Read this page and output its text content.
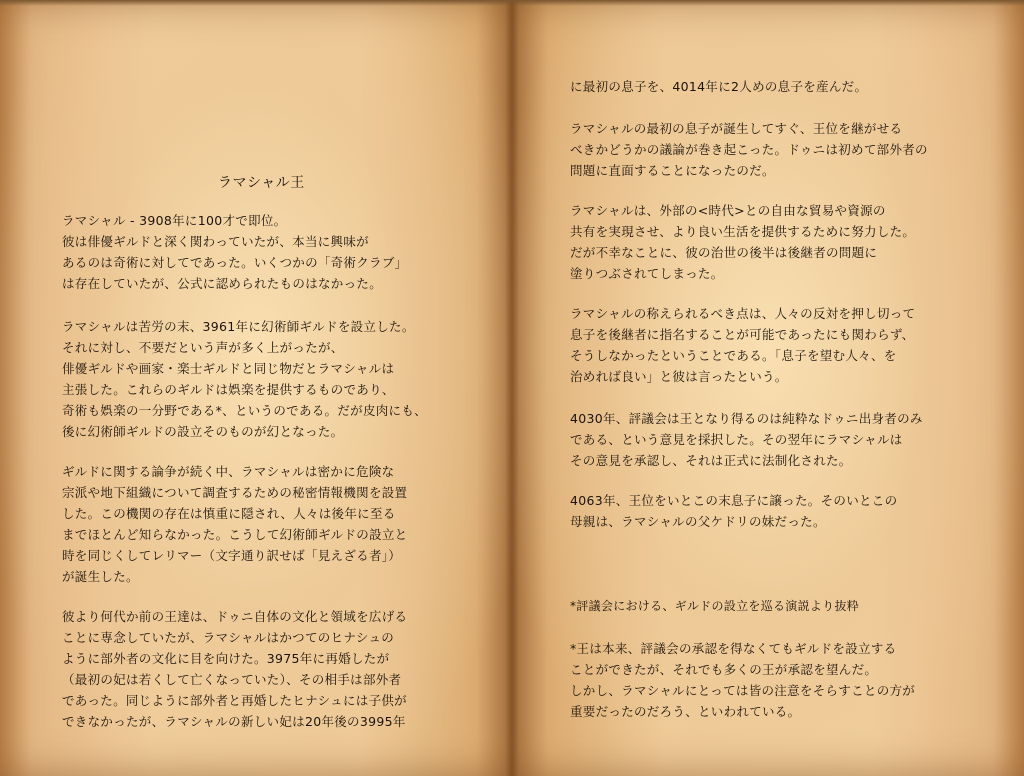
ラマシャル王
ラマシャル - 3908年に100才で即位。
彼は俳優ギルドと深く関わっていたが、本当に興味が
あるのは奇術に対してであった。いくつかの「奇術クラブ」
は存在していたが、公式に認められたものはなかった。
ラマシャルは苦労の末、3961年に幻術師ギルドを設立した。
それに対し、不要だという声が多く上がったが、
俳優ギルドや画家・楽士ギルドと同じ物だとラマシャルは
主張した。これらのギルドは娯楽を提供するものであり、
奇術も娯楽の一分野である*、というのである。だが皮肉にも、
後に幻術師ギルドの設立そのものが幻となった。
ギルドに関する論争が続く中、ラマシャルは密かに危険な
宗派や地下組織について調査するための秘密情報機関を設置
した。この機関の存在は慎重に隠され、人々は後年に至る
までほとんど知らなかった。こうして幻術師ギルドの設立と
時を同じくしてレリマー（文字通り訳せば「見えざる者」）
が誕生した。
彼より何代か前の王達は、ドゥニ自体の文化と領域を広げる
ことに専念していたが、ラマシャルはかつてのヒナシュの
ように部外者の文化に目を向けた。3975年に再婚したが
（最初の妃は若くして亡くなっていた）、その相手は部外者
であった。同じように部外者と再婚したヒナシュには子供が
できなかったが、ラマシャルの新しい妃は20年後の3995年
に最初の息子を、4014年に2人めの息子を産んだ。
ラマシャルの最初の息子が誕生してすぐ、王位を継がせる
べきかどうかの議論が巻き起こった。ドゥニは初めて部外者の
問題に直面することになったのだ。
ラマシャルは、外部の<時代>との自由な貿易や資源の
共有を実現させ、より良い生活を提供するために努力した。
だが不幸なことに、彼の治世の後半は後継者の問題に
塗りつぶされてしまった。
ラマシャルの称えられるべき点は、人々の反対を押し切って
息子を後継者に指名することが可能であったにも関わらず、
そうしなかったということである。「息子を望む人々、を
治めれば良い」と彼は言ったという。
4030年、評議会は王となり得るのは純粋なドゥニ出身者のみ
である、という意見を採択した。その翌年にラマシャルは
その意見を承認し、それは正式に法制化された。
4063年、王位をいとこの末息子に譲った。そのいとこの
母親は、ラマシャルの父ケドリの妹だった。
*評議会における、ギルドの設立を巡る演説より抜粋
*王は本来、評議会の承認を得なくてもギルドを設立する
ことができたが、それでも多くの王が承認を望んだ。
しかし、ラマシャルにとっては皆の注意をそらすことの方が
重要だったのだろう、といわれている。
